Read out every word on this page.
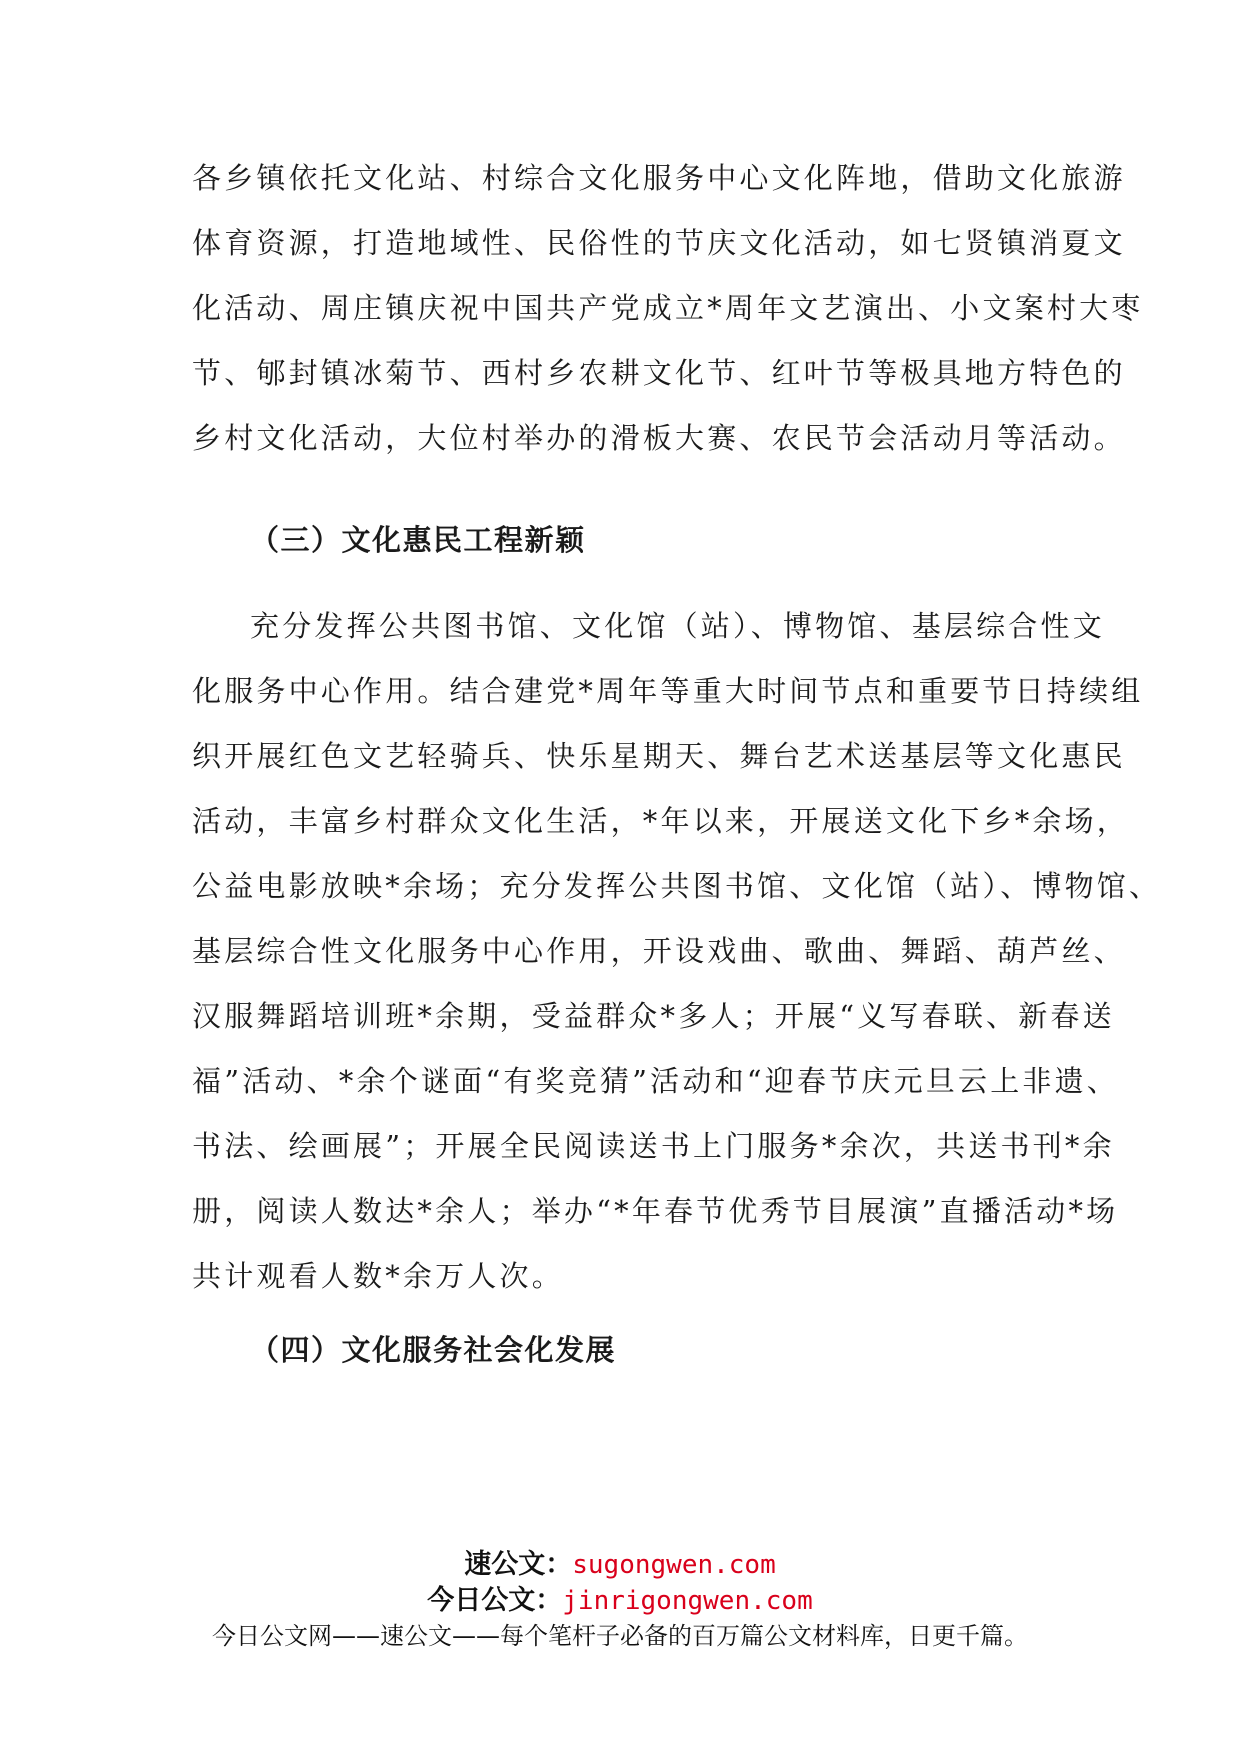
各乡镇依托文化站、村综合文化服务中心文化阵地，借助文化旅游
体育资源，打造地域性、民俗性的节庆文化活动，如七贤镇消夏文
化活动、周庄镇庆祝中国共产党成立*周年文艺演出、小文案村大枣
节、郇封镇冰菊节、西村乡农耕文化节、红叶节等极具地方特色的
乡村文化活动，大位村举办的滑板大赛、农民节会活动月等活动。
（三）文化惠民工程新颖
充分发挥公共图书馆、文化馆（站）、博物馆、基层综合性文
化服务中心作用。结合建党*周年等重大时间节点和重要节日持续组
织开展红色文艺轻骑兵、快乐星期天、舞台艺术送基层等文化惠民
活动，丰富乡村群众文化生活，*年以来，开展送文化下乡*余场，
公益电影放映*余场；充分发挥公共图书馆、文化馆（站）、博物馆、
基层综合性文化服务中心作用，开设戏曲、歌曲、舞蹈、葫芦丝、
汉服舞蹈培训班*余期，受益群众*多人；开展“义写春联、新春送
福”活动、*余个谜面“有奖竞猜”活动和“迎春节庆元旦云上非遗、
书法、绘画展”；开展全民阅读送书上门服务*余次，共送书刊*余
册，阅读人数达*余人；举办“*年春节优秀节目展演”直播活动*场
共计观看人数*余万人次。
（四）文化服务社会化发展
速公文：sugongwen.com
今日公文：jinrigongwen.com
今日公文网——速公文——每个笔杆子必备的百万篇公文材料库，日更千篇。
